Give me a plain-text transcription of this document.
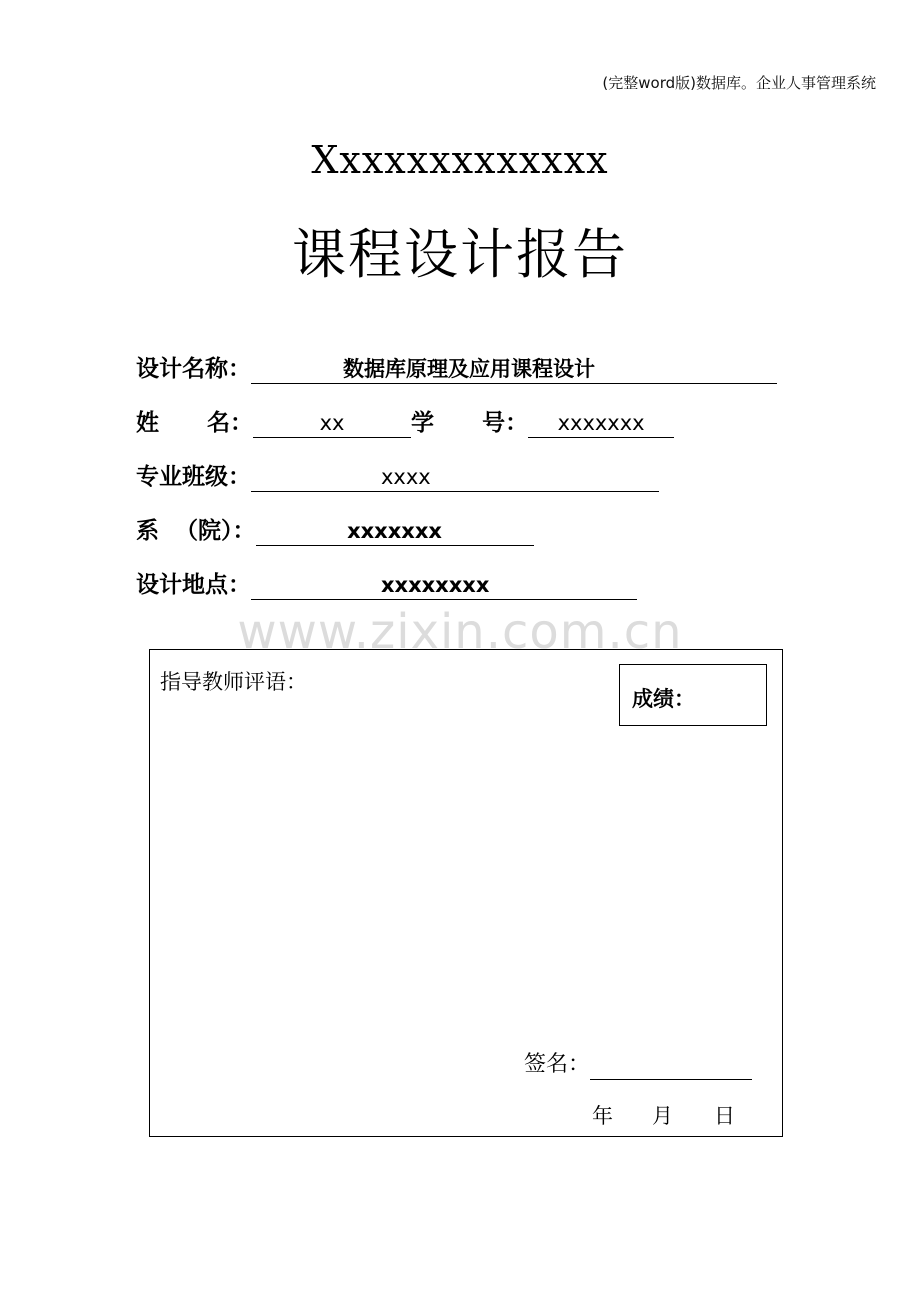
(完整word版)数据库。企业人事管理系统
Xxxxxxxxxxxxx
课程设计报告
设计名称：	数据库原理及应用课程设计
姓      名：	xx	学      号：	xxxxxxx
专业班级：	xxxx
系  （院）：	xxxxxxx
设计地点：	xxxxxxxx
www.zixin.com.cn
指导教师评语：
成绩：
签名：
年 月 日
